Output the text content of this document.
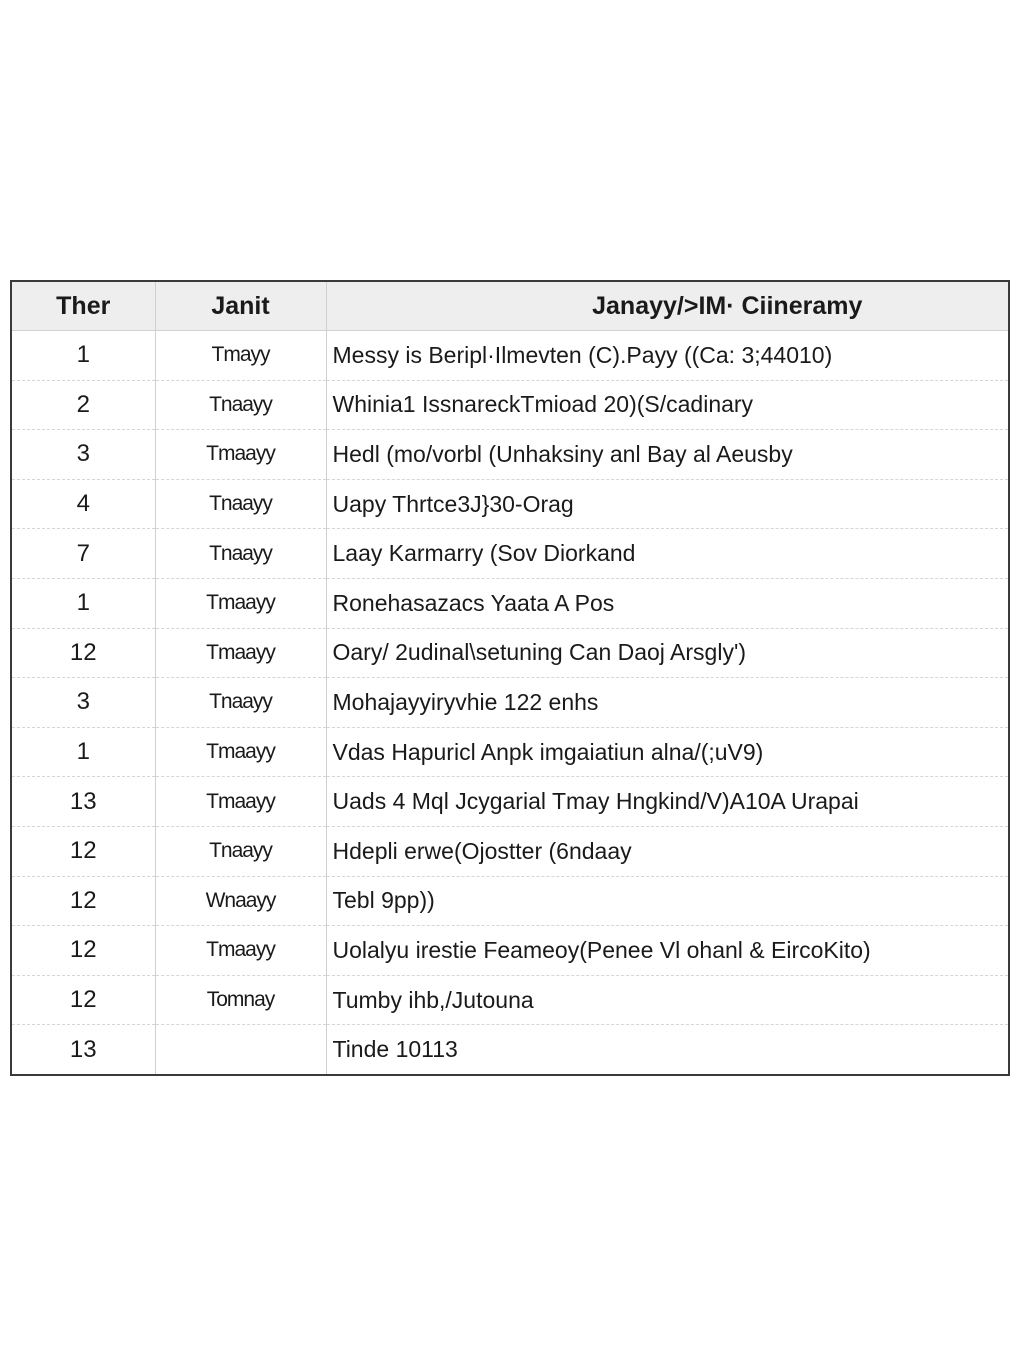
Ther	Janit	Janayy/>IM· Ciineramy
1	Tmayy	Messy is Beripl·Ilmevten (C).Payy ((Ca: 3;44010)
2	Tnaayy	Whinia1 IssnareckTmioad 20)(S/cadinary
3	Tmaayy	Hedl (mo/vorbl (Unhaksiny anl Bay al Aeusby
4	Tnaayy	Uapy Thrtce3J}30-Orag
7	Tnaayy	Laay Karmarry (Sov Diorkand
1	Tmaayy	Ronehasazacs Yaata A Pos
12	Tmaayy	Oary/ 2udinal\setuning Can Daoj Arsgly')
3	Tnaayy	Mohajayyiryvhie 122 enhs
1	Tmaayy	Vdas Hapuricl Anpk imgaiatiun alna/(;uV9)
13	Tmaayy	Uads 4 Mql Jcygarial Tmay Hngkind/V)A10A Urapai
12	Tnaayy	Hdepli erwe(Ojostter (6ndaay
12	Wnaayy	Tebl 9pp))
12	Tmaayy	Uolalyu irestie Feameoy(Penee Vl ohanl & EircoKito)
12	Tomnay	Tumby ihb,/Jutouna
13		Tinde 10113
